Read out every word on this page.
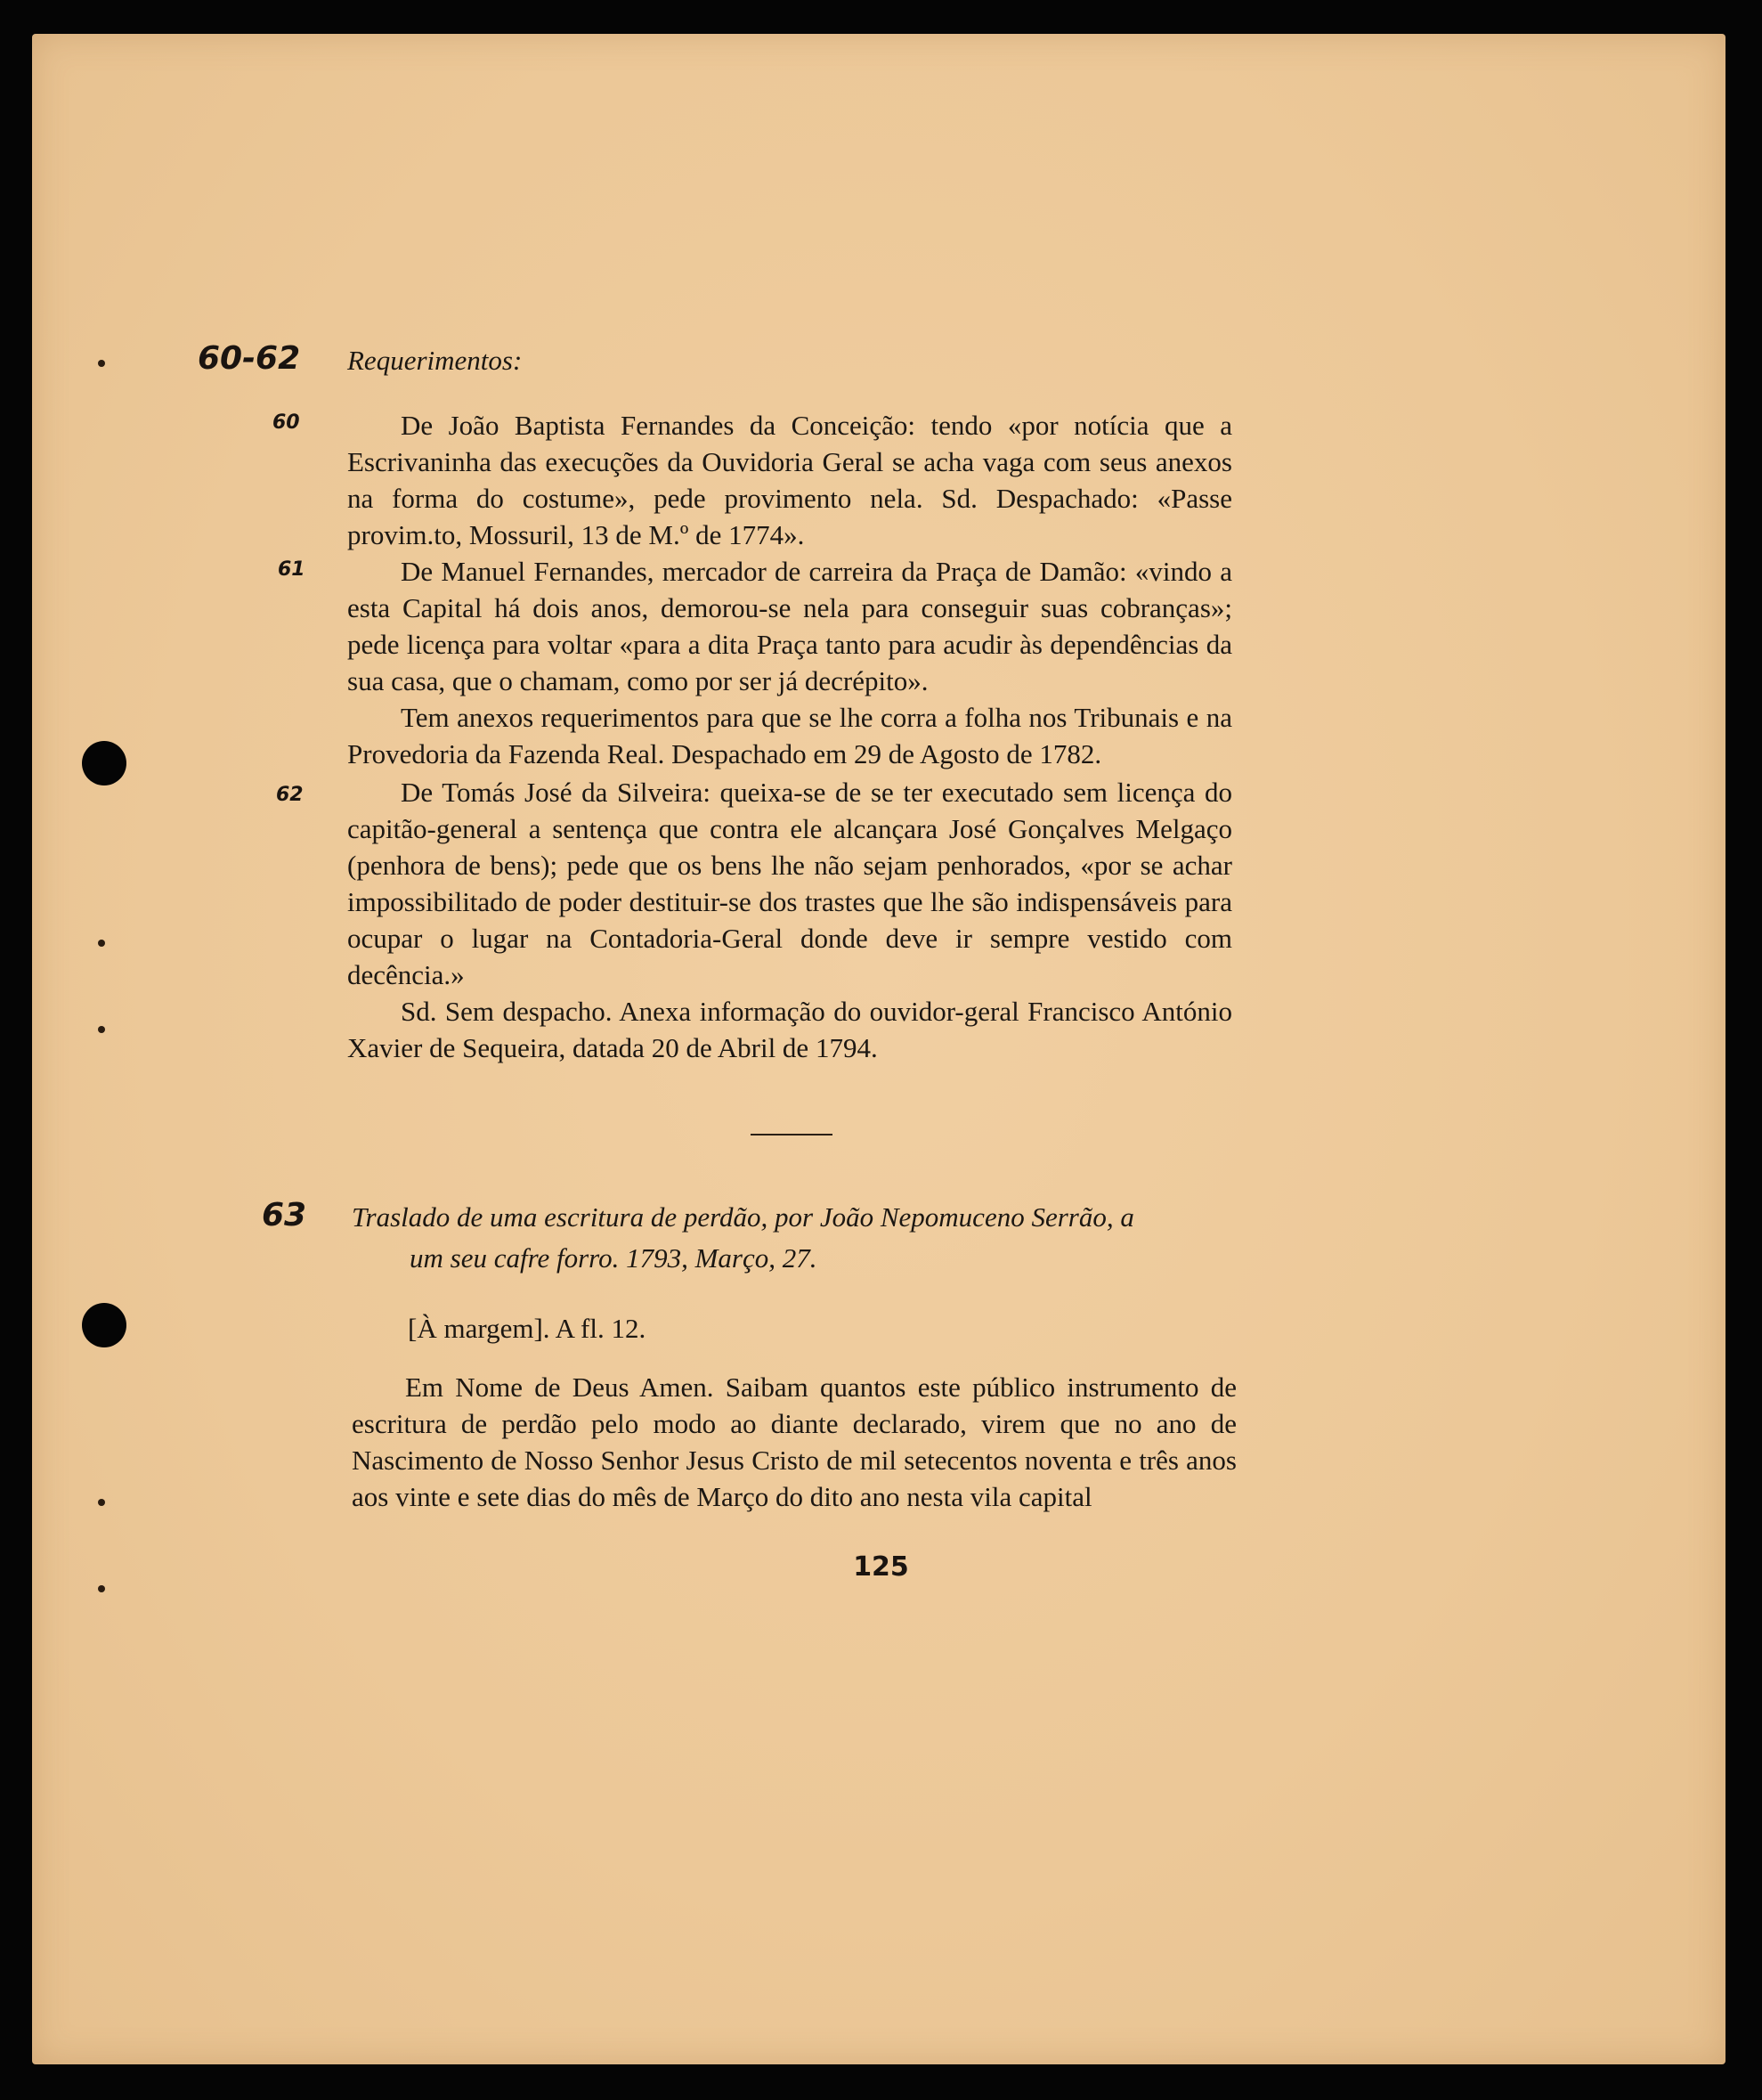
60-62 Requerimentos:
60	De João Baptista Fernandes da Conceição: tendo «por notícia que a Escrivaninha das execuções da Ouvidoria Geral se acha vaga com seus anexos na forma do costume», pede provimento nela. Sd. Despachado: «Passe provim.to, Mossuril, 13 de M.º de 1774».
61	De Manuel Fernandes, mercador de carreira da Praça de Damão: «vindo a esta Capital há dois anos, demorou-se nela para conseguir suas cobranças»; pede licença para voltar «para a dita Praça tanto para acudir às dependências da sua casa, que o chamam, como por ser já decrépito».
Tem anexos requerimentos para que se lhe corra a folha nos Tribunais e na Provedoria da Fazenda Real. Despachado em 29 de Agosto de 1782.
62	De Tomás José da Silveira: queixa-se de se ter executado sem licença do capitão-general a sentença que contra ele alcançara José Gonçalves Melgaço (penhora de bens); pede que os bens lhe não sejam penhorados, «por se achar impossibilitado de poder destituir-se dos trastes que lhe são indispensáveis para ocupar o lugar na Contadoria-Geral donde deve ir sempre vestido com decência.»
Sd. Sem despacho. Anexa informação do ouvidor-geral Francisco António Xavier de Sequeira, datada 20 de Abril de 1794.
63 Traslado de uma escritura de perdão, por João Nepomuceno Serrão, a
um seu cafre forro. 1793, Março, 27.
[À margem]. A fl. 12.
Em Nome de Deus Amen. Saibam quantos este público instrumento de escritura de perdão pelo modo ao diante declarado, virem que no ano de Nascimento de Nosso Senhor Jesus Cristo de mil setecentos noventa e três anos aos vinte e sete dias do mês de Março do dito ano nesta vila capital
125
